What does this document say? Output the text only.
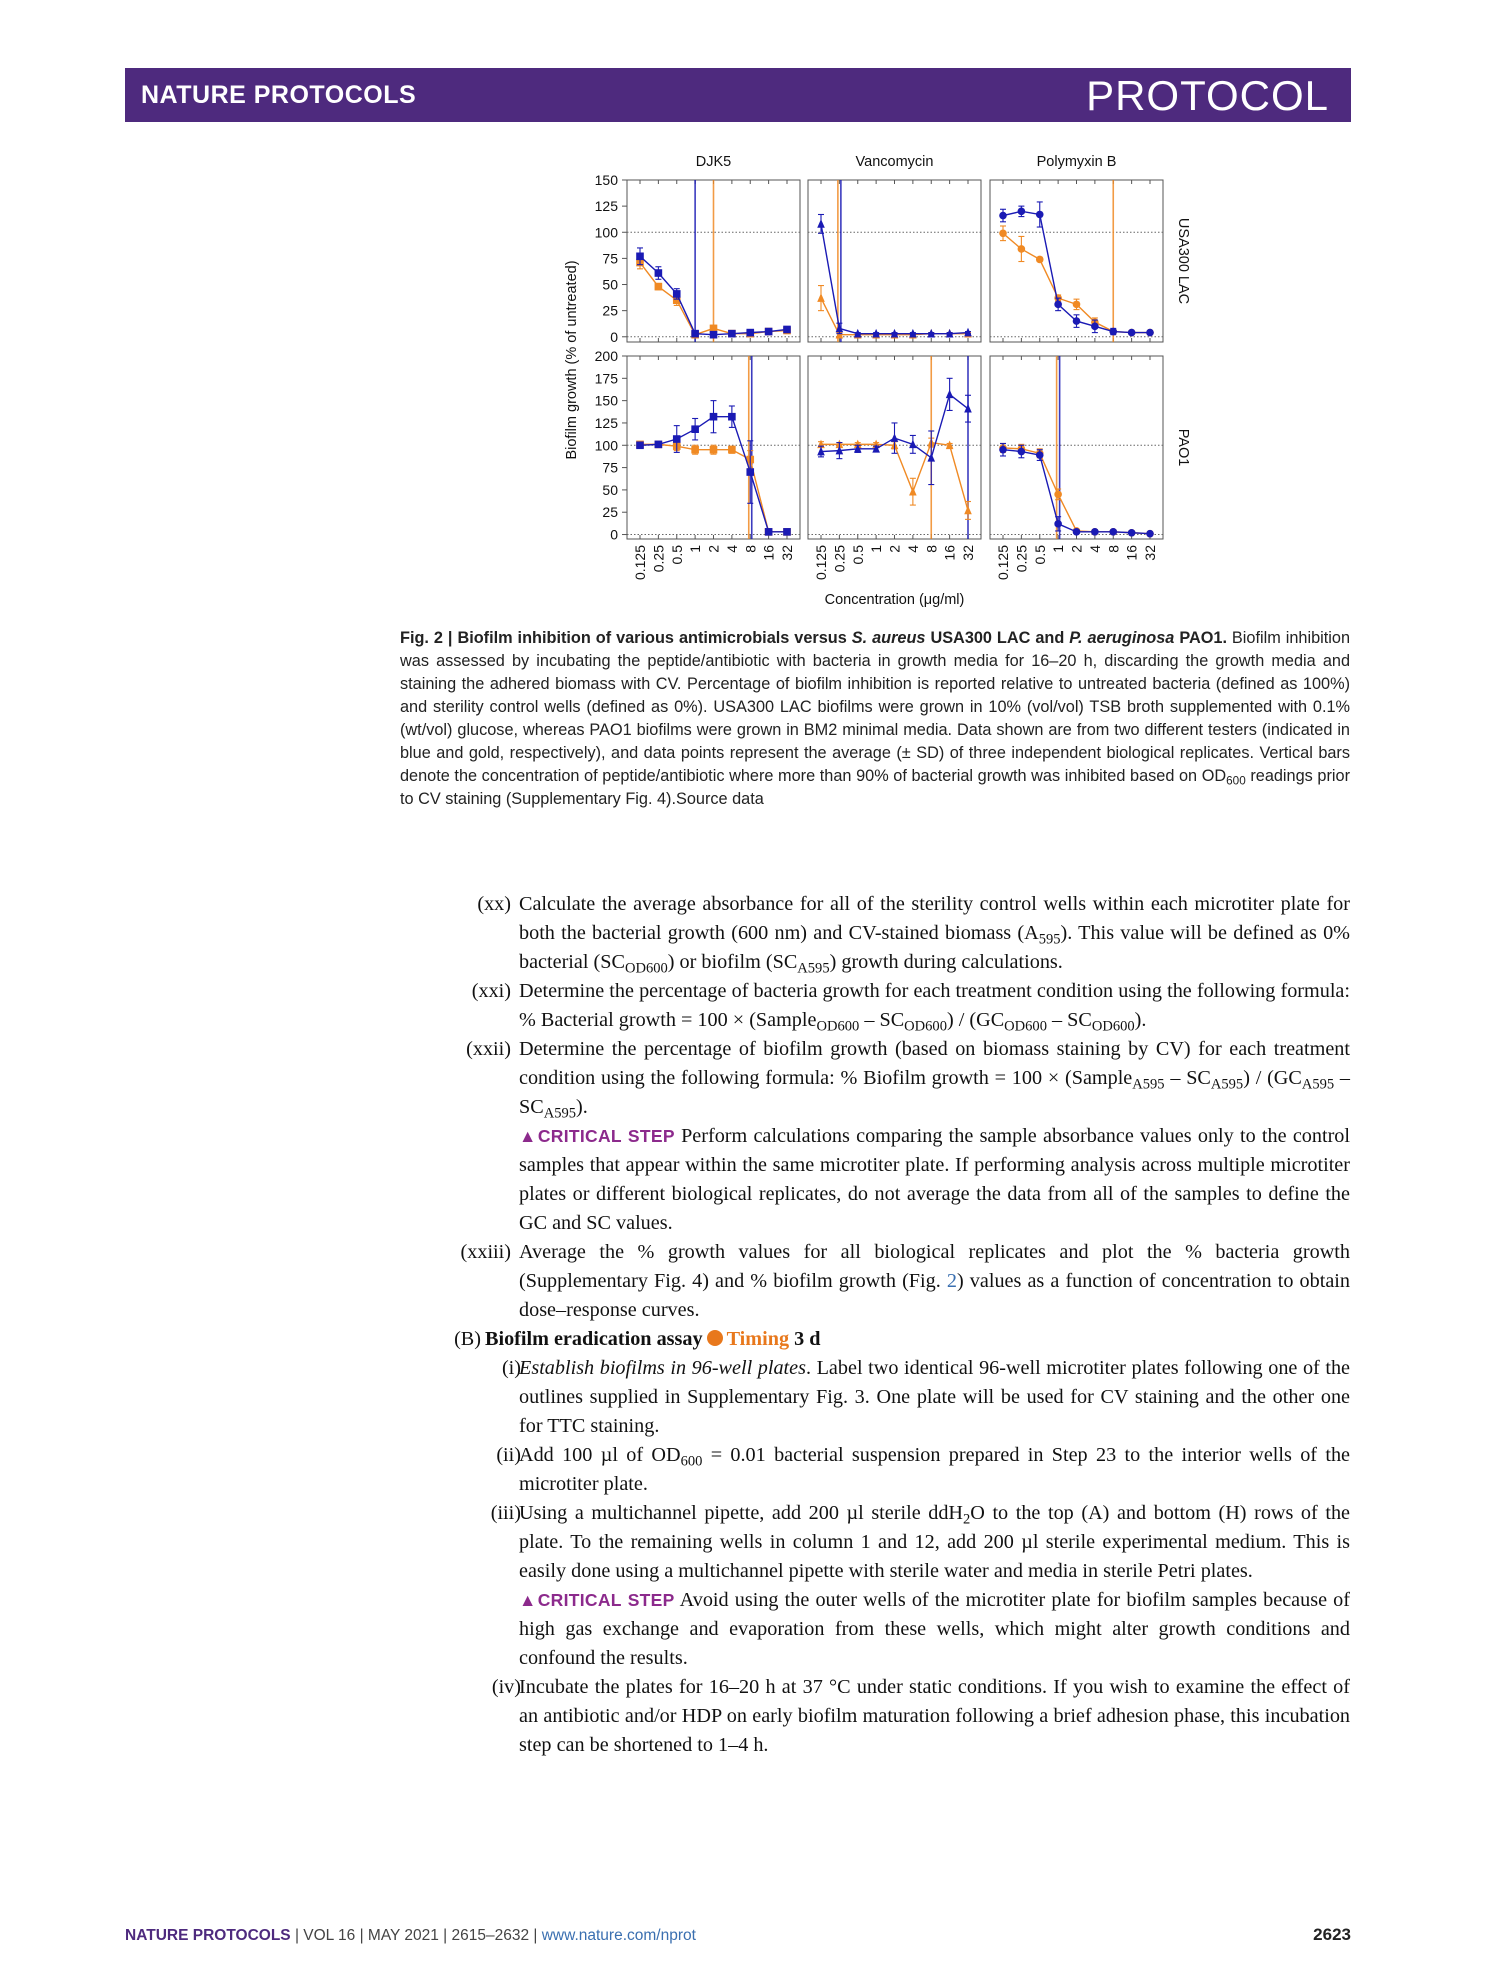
NATURE PROTOCOLS	PROTOCOL
0
25
50
75
100
125
150
0
25
50
75
100
125
150
175
200
DJK5	Vancomycin	Polymyxin B
USA300 LAC
PAO1
Biofilm growth (% of untreated)
0.125 0.25 0.5 1 2 4 8 16 32 0.125 0.25 0.5 1 2 4 8 16 32 0.125 0.25 0.5 1 2 4 8 16 32
Concentration (μg/ml)
Fig. 2 | Biofilm inhibition of various antimicrobials versus S. aureus USA300 LAC and P. aeruginosa PAO1. Biofilm inhibition was assessed by incubating the peptide/antibiotic with bacteria in growth media for 16–20 h, discarding the growth media and staining the adhered biomass with CV. Percentage of biofilm inhibition is reported relative to untreated bacteria (defined as 100%) and sterility control wells (defined as 0%). USA300 LAC biofilms were grown in 10% (vol/vol) TSB broth supplemented with 0.1% (wt/vol) glucose, whereas PAO1 biofilms were grown in BM2 minimal media. Data shown are from two different testers (indicated in blue and gold, respectively), and data points represent the average (± SD) of three independent biological replicates. Vertical bars denote the concentration of peptide/antibiotic where more than 90% of bacterial growth was inhibited based on $OD_{600}$ readings prior to CV staining (Supplementary Fig. 4).Source data
(xx) Calculate the average absorbance for all of the sterility control wells within each microtiter plate for both the bacterial growth (600 nm) and CV-stained biomass $(A_{595})$. This value will be defined as 0% bacterial $(SC_{OD600})$ or biofilm $(SC_{A595})$ growth during calculations.
(xxi) Determine the percentage of bacteria growth for each treatment condition using the following formula: % Bacterial growth = 100 × (Sample$_{OD600}$ – $SC_{OD600}) / (GC_{OD600} - SC_{OD600})$.
(xxii) Determine the percentage of biofilm growth (based on biomass staining by CV) for each treatment condition using the following formula: % Biofilm growth = 100 × (Sample$_{A595}$ – $SC_{A595}) / (GC_{A595} - SC_{A595})$.
▲CRITICAL STEP Perform calculations comparing the sample absorbance values only to the control samples that appear within the same microtiter plate. If performing analysis across multiple microtiter plates or different biological replicates, do not average the data from all of the samples to define the GC and SC values.
(xxiii) Average the % growth values for all biological replicates and plot the % bacteria growth (Supplementary Fig. 4) and % biofilm growth (Fig. 2) values as a function of concentration to obtain dose–response curves.
(B) Biofilm eradication assay Timing 3 d
(i)
Establish biofilms in 96-well plates. Label two identical 96-well microtiter plates following one of the outlines supplied in Supplementary Fig. 3. One plate will be used for CV staining and the other one for TTC staining.
(ii)
Add 100 µl of $OD_{600} = 0.01$ bacterial suspension prepared in Step 23 to the interior wells of the microtiter plate.
(iii)
Using a multichannel pipette, add 200 µl sterile ddH$_2$O to the top (A) and bottom (H) rows of the plate. To the remaining wells in column 1 and 12, add 200 µl sterile experimental medium. This is easily done using a multichannel pipette with sterile water and media in sterile Petri plates.
▲CRITICAL STEP Avoid using the outer wells of the microtiter plate for biofilm samples because of high gas exchange and evaporation from these wells, which might alter growth conditions and confound the results.
(iv)
Incubate the plates for 16–20 h at 37 °C under static conditions. If you wish to examine the effect of an antibiotic and/or HDP on early biofilm maturation following a brief adhesion phase, this incubation step can be shortened to 1–4 h.
NATURE PROTOCOLS | VOL 16 | MAY 2021 | 2615–2632 | www.nature.com/nprot	2623
